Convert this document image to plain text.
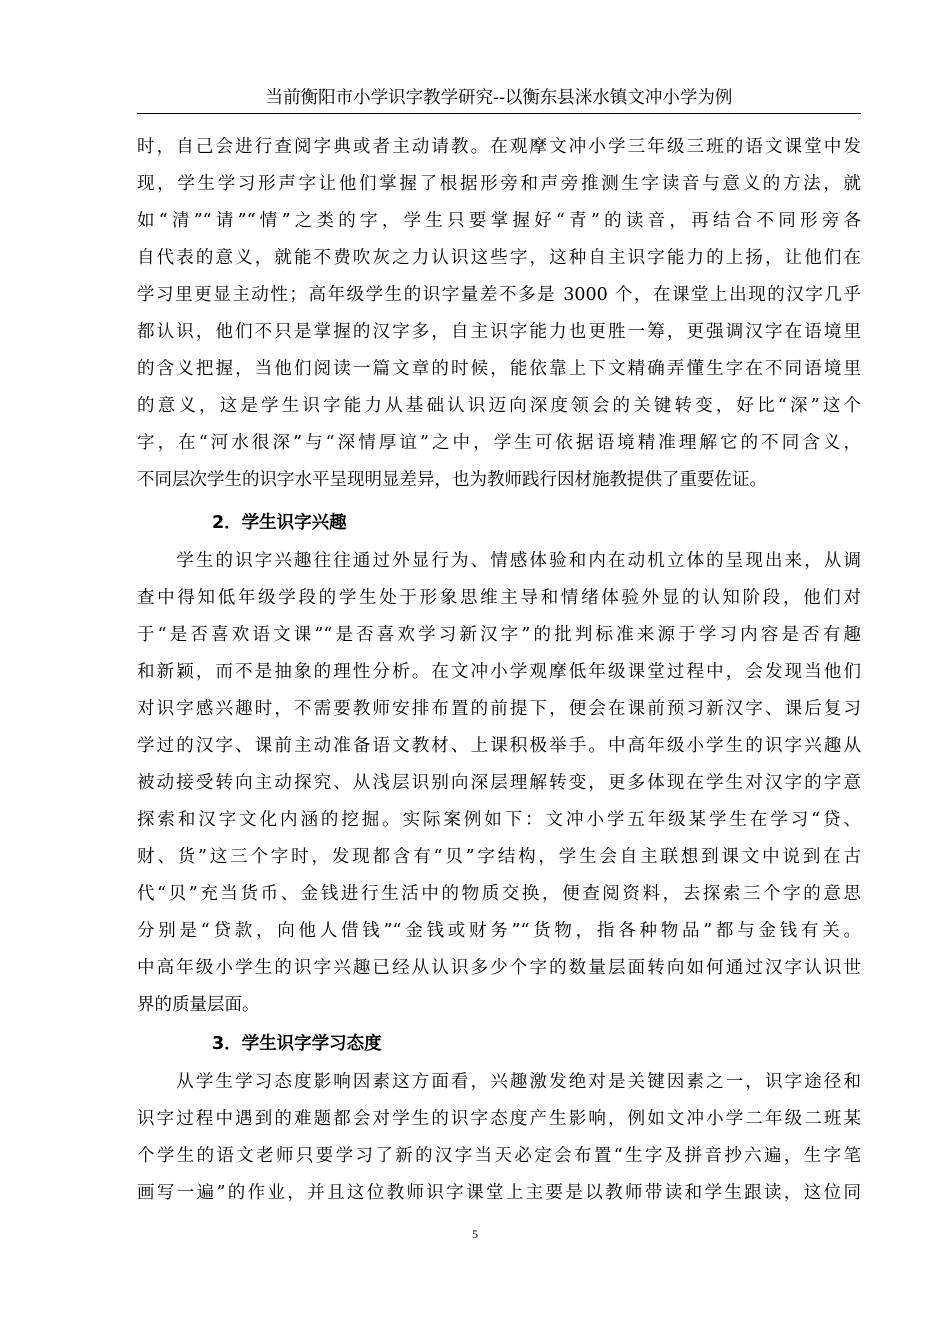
当前衡阳市小学识字教学研究--以衡东县洣水镇文冲小学为例
时，自己会进行查阅字典或者主动请教。在观摩文冲小学三年级三班的语文课堂中发
现，学生学习形声字让他们掌握了根据形旁和声旁推测生字读音与意义的方法，就
如“清”“请”“情”之类的字，学生只要掌握好“青”的读音，再结合不同形旁各
自代表的意义，就能不费吹灰之力认识这些字，这种自主识字能力的上扬，让他们在
学习里更显主动性；高年级学生的识字量差不多是 3000 个，在课堂上出现的汉字几乎
都认识，他们不只是掌握的汉字多，自主识字能力也更胜一筹，更强调汉字在语境里
的含义把握，当他们阅读一篇文章的时候，能依靠上下文精确弄懂生字在不同语境里
的意义，这是学生识字能力从基础认识迈向深度领会的关键转变，好比“深”这个
字，在“河水很深”与“深情厚谊”之中，学生可依据语境精准理解它的不同含义，
不同层次学生的识字水平呈现明显差异，也为教师践行因材施教提供了重要佐证。
2．学生识字兴趣
　　学生的识字兴趣往往通过外显行为、情感体验和内在动机立体的呈现出来，从调
查中得知低年级学段的学生处于形象思维主导和情绪体验外显的认知阶段，他们对
于“是否喜欢语文课”“是否喜欢学习新汉字”的批判标准来源于学习内容是否有趣
和新颖，而不是抽象的理性分析。在文冲小学观摩低年级课堂过程中，会发现当他们
对识字感兴趣时，不需要教师安排布置的前提下，便会在课前预习新汉字、课后复习
学过的汉字、课前主动准备语文教材、上课积极举手。中高年级小学生的识字兴趣从
被动接受转向主动探究、从浅层识别向深层理解转变，更多体现在学生对汉字的字意
探索和汉字文化内涵的挖掘。实际案例如下：文冲小学五年级某学生在学习“贷、
财、货”这三个字时，发现都含有“贝”字结构，学生会自主联想到课文中说到在古
代“贝”充当货币、金钱进行生活中的物质交换，便查阅资料，去探索三个字的意思
分别是“贷款，向他人借钱”“金钱或财务”“货物，指各种物品”都与金钱有关。
中高年级小学生的识字兴趣已经从认识多少个字的数量层面转向如何通过汉字认识世
界的质量层面。
3．学生识字学习态度
　　从学生学习态度影响因素这方面看，兴趣激发绝对是关键因素之一，识字途径和
识字过程中遇到的难题都会对学生的识字态度产生影响，例如文冲小学二年级二班某
个学生的语文老师只要学习了新的汉字当天必定会布置“生字及拼音抄六遍，生字笔
画写一遍”的作业，并且这位教师识字课堂上主要是以教师带读和学生跟读，这位同
5
